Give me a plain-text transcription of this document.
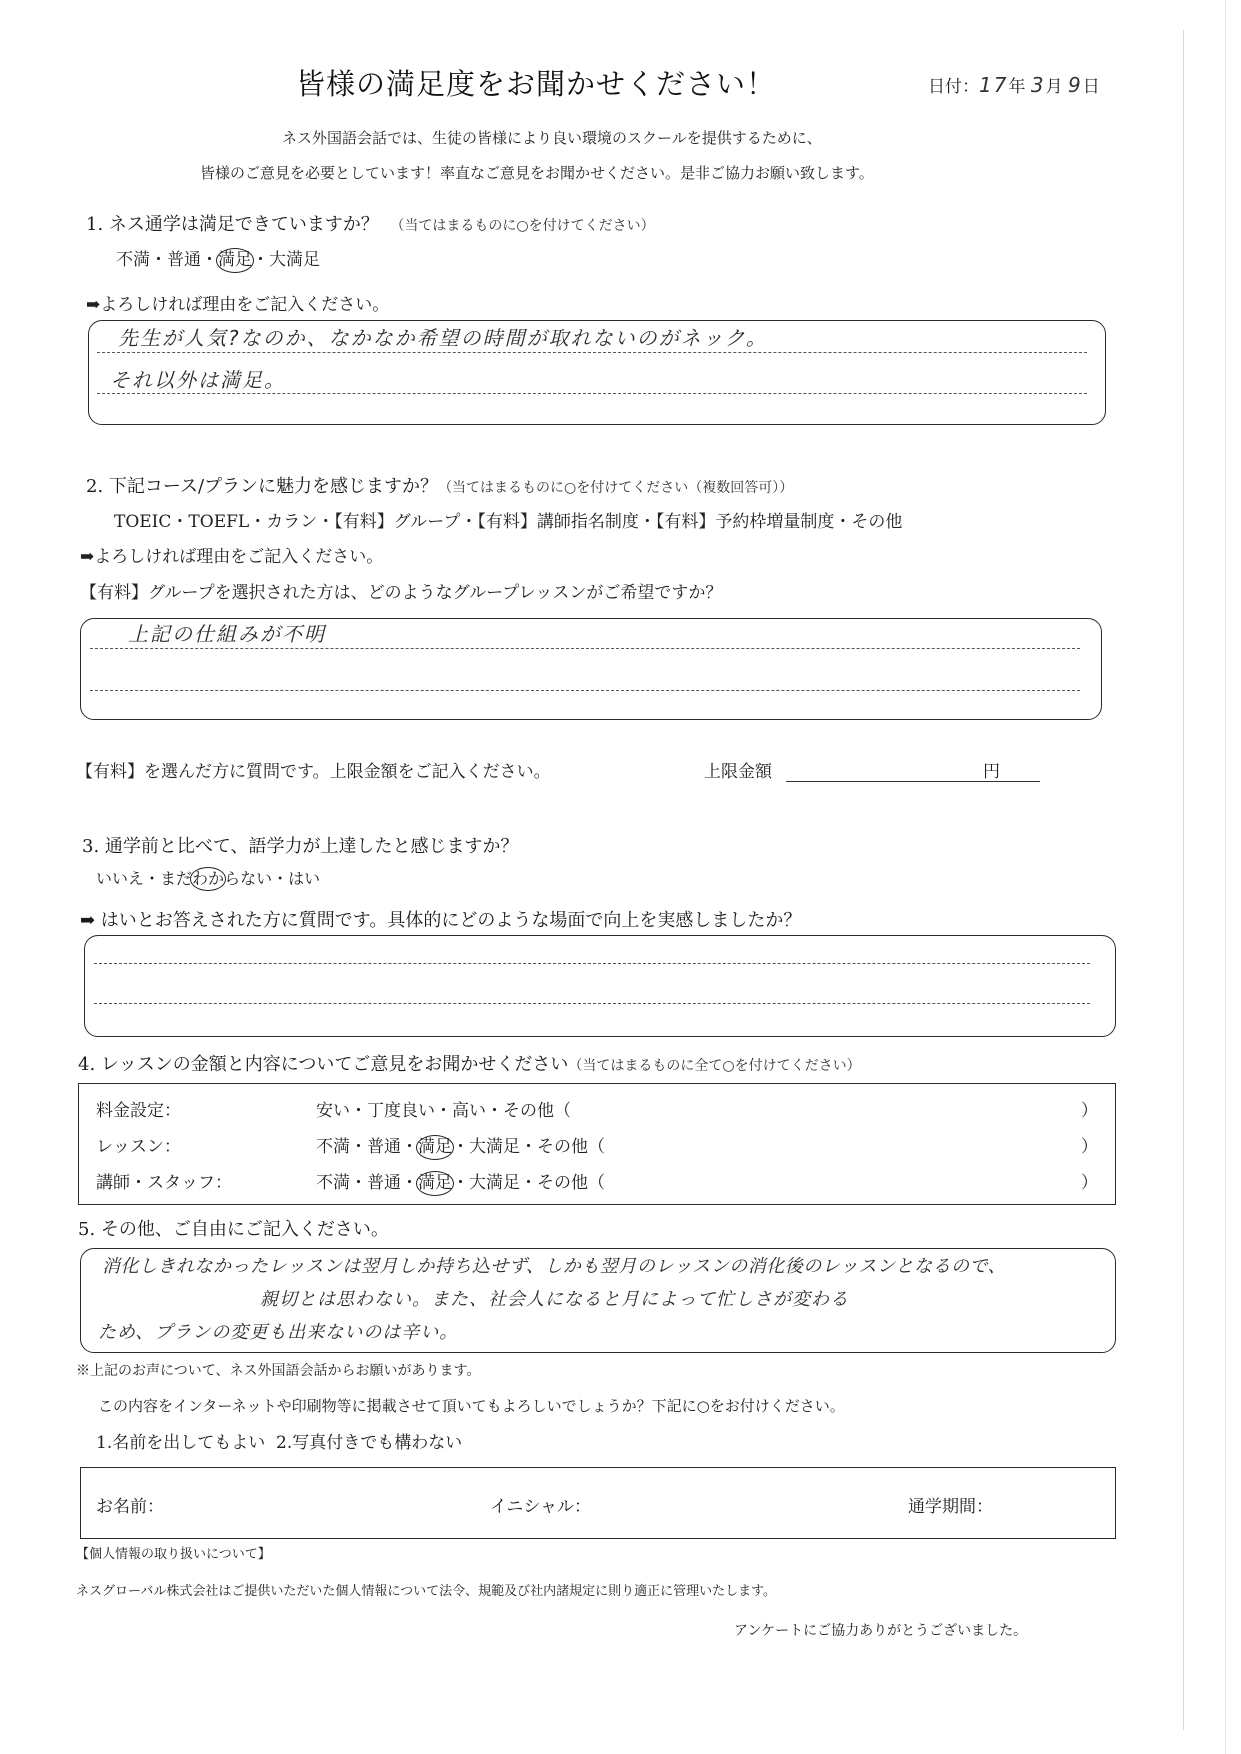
皆様の満足度をお聞かせください！	日付：17年 3月 9日
ネス外国語会話では、生徒の皆様により良い環境のスクールを提供するために、
皆様のご意見を必要としています！率直なご意見をお聞かせください。是非ご協力お願い致します。
1. ネス通学は満足できていますか？ （当てはまるものに○を付けてください）
不満・普通・満足・大満足
➡よろしければ理由をご記入ください。
先生が人気?なのか、なかなか希望の時間が取れないのがネック。
それ以外は満足。
2. 下記コース/プランに魅力を感じますか？（当てはまるものに○を付けてください（複数回答可））
TOEIC・TOEFL・カラン・【有料】グループ・【有料】講師指名制度・【有料】予約枠増量制度・その他
➡よろしければ理由をご記入ください。
【有料】グループを選択された方は、どのようなグループレッスンがご希望ですか？
上記の仕組みが不明
【有料】を選んだ方に質問です。上限金額をご記入ください。	上限金額	円
3. 通学前と比べて、語学力が上達したと感じますか？
いいえ・まだわからない・はい
➡ はいとお答えされた方に質問です。具体的にどのような場面で向上を実感しましたか？
4. レッスンの金額と内容についてご意見をお聞かせください（当てはまるものに全て○を付けてください）
料金設定：	安い・丁度良い・高い・その他（	）
レッスン：	不満・普通・満足・大満足・その他（	）
講師・スタッフ：	不満・普通・満足・大満足・その他（	）
5. その他、ご自由にご記入ください。
消化しきれなかったレッスンは翌月しか持ち込せず、しかも翌月のレッスンの消化後のレッスンとなるので、
親切とは思わない。また、社会人になると月によって忙しさが変わる
ため、プランの変更も出来ないのは辛い。
※上記のお声について、ネス外国語会話からお願いがあります。
この内容をインターネットや印刷物等に掲載させて頂いてもよろしいでしょうか？下記に○をお付けください。
1.名前を出してもよい 2.写真付きでも構わない
お名前：	イニシャル：	通学期間：
【個人情報の取り扱いについて】
ネスグローバル株式会社はご提供いただいた個人情報について法令、規範及び社内諸規定に則り適正に管理いたします。
アンケートにご協力ありがとうございました。
